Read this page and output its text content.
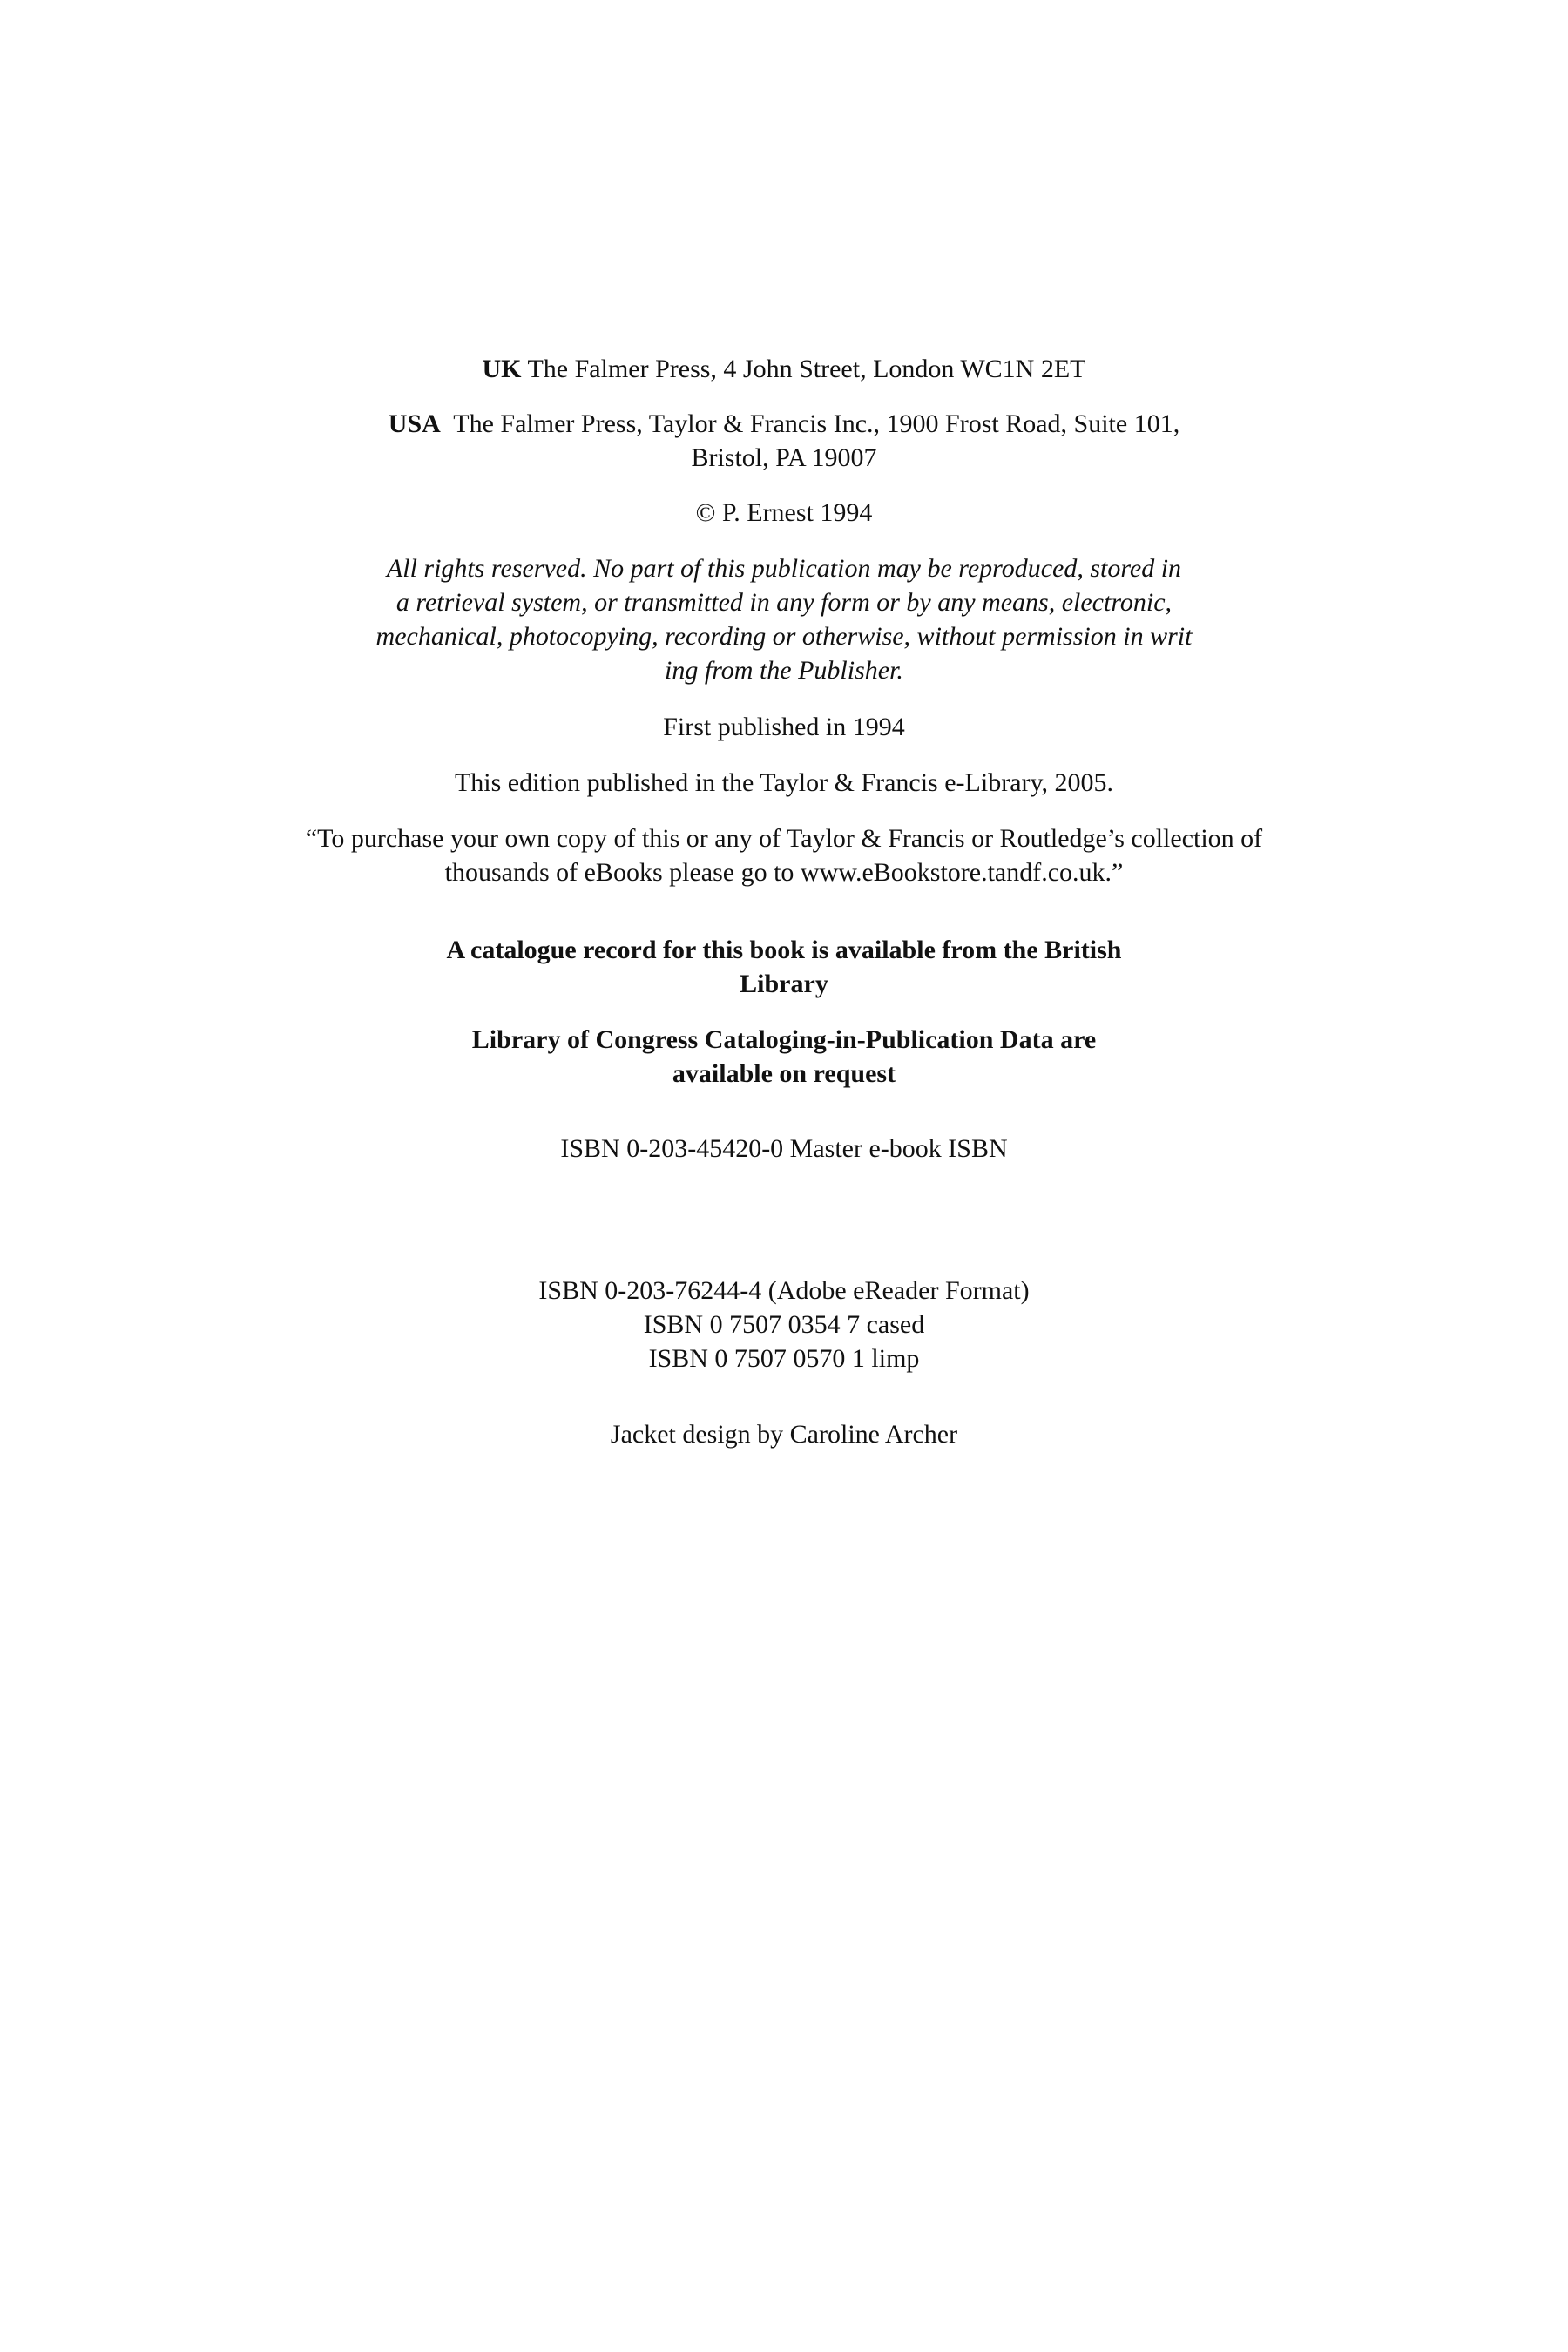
UK The Falmer Press, 4 John Street, London WC1N 2ET

USA The Falmer Press, Taylor & Francis Inc., 1900 Frost Road, Suite 101,

Bristol, PA 19007

© P. Ernest 1994

All rights reserved. No part of this publication may be reproduced, stored in

a retrieval system, or transmitted in any form or by any means, electronic,

mechanical, photocopying, recording or otherwise, without permission in writ

ing from the Publisher.

First published in 1994

This edition published in the Taylor & Francis e-Library, 2005.

“To purchase your own copy of this or any of Taylor & Francis or Routledge’s collection of

thousands of eBooks please go to www.eBookstore.tandf.co.uk.”

A catalogue record for this book is available from the British

Library

Library of Congress Cataloging-in-Publication Data are

available on request

ISBN 0-203-45420-0 Master e-book ISBN

ISBN 0-203-76244-4 (Adobe eReader Format)

ISBN 0 7507 0354 7 cased

ISBN 0 7507 0570 1 limp

Jacket design by Caroline Archer
